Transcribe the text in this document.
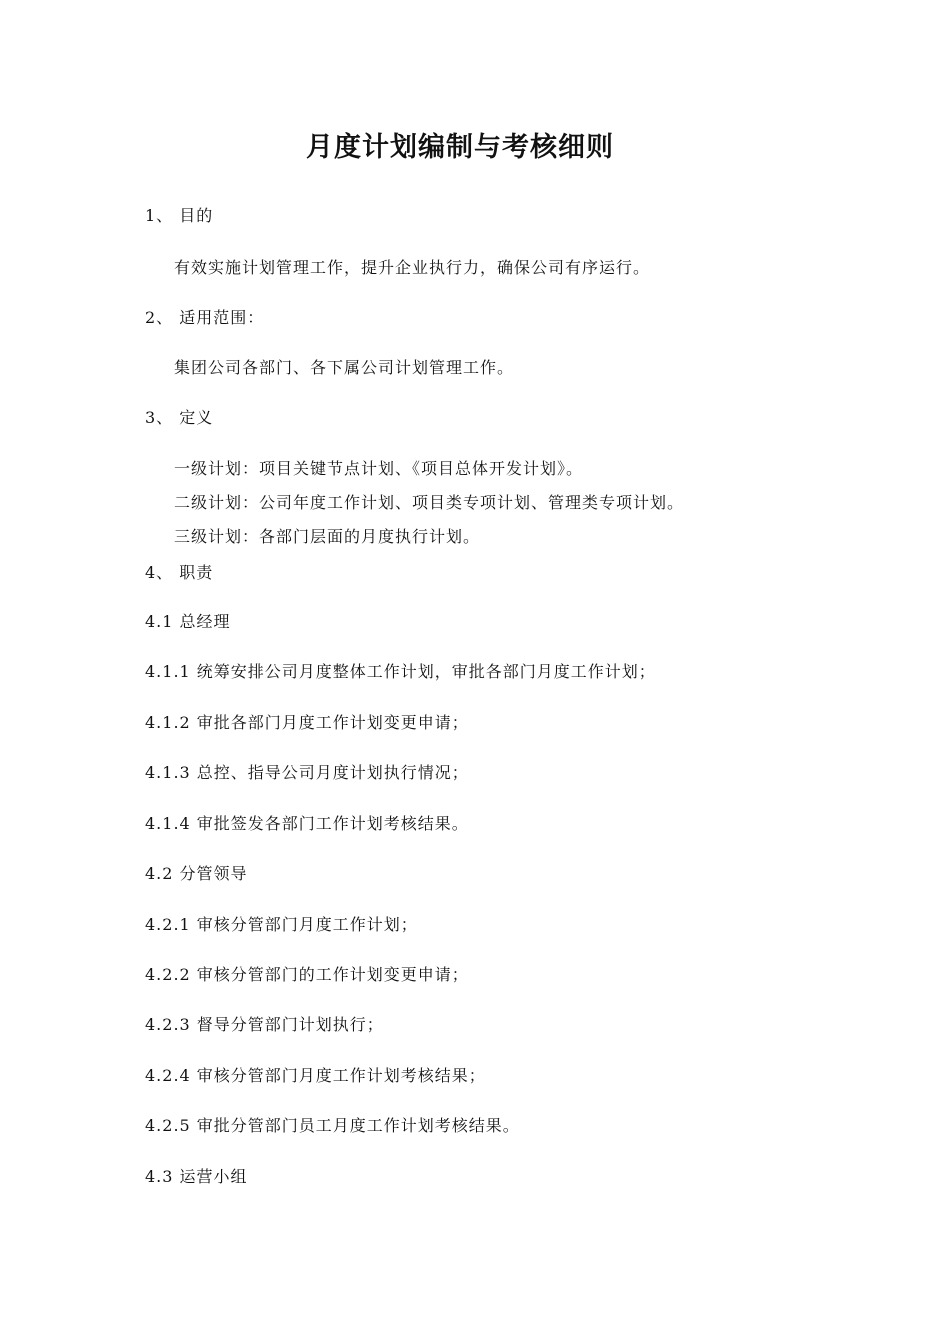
月度计划编制与考核细则
1、 目的
有效实施计划管理工作，提升企业执行力，确保公司有序运行。
2、 适用范围：
集团公司各部门、各下属公司计划管理工作。
3、 定义
一级计划：项目关键节点计划、《项目总体开发计划》。
二级计划：公司年度工作计划、项目类专项计划、管理类专项计划。
三级计划：各部门层面的月度执行计划。
4、 职责
4.1 总经理
4.1.1 统筹安排公司月度整体工作计划，审批各部门月度工作计划；
4.1.2 审批各部门月度工作计划变更申请；
4.1.3 总控、指导公司月度计划执行情况；
4.1.4 审批签发各部门工作计划考核结果。
4.2 分管领导
4.2.1 审核分管部门月度工作计划；
4.2.2 审核分管部门的工作计划变更申请；
4.2.3 督导分管部门计划执行；
4.2.4 审核分管部门月度工作计划考核结果；
4.2.5 审批分管部门员工月度工作计划考核结果。
4.3 运营小组
